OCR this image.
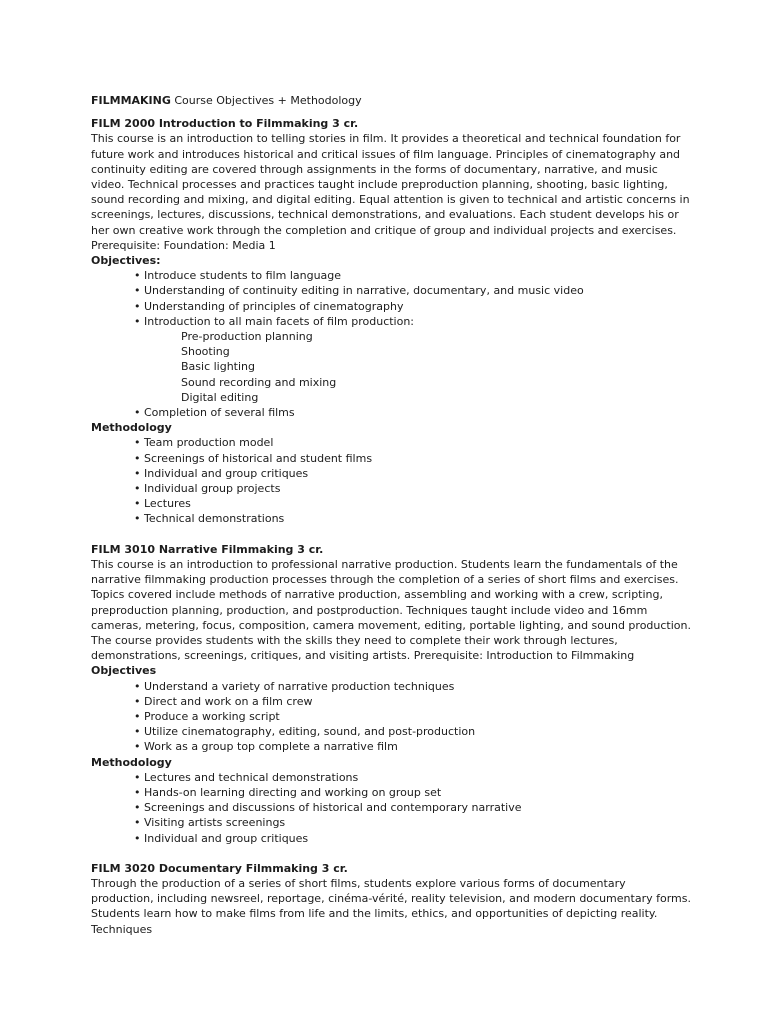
FILMMAKING Course Objectives + Methodology
FILM 2000 Introduction to Filmmaking 3 cr.

This course is an introduction to telling stories in film. It provides a theoretical and technical foundation for future work and introduces historical and critical issues of film language. Principles of cinematography and continuity editing are covered through assignments in the forms of documentary, narrative, and music video. Technical processes and practices taught include preproduction planning, shooting, basic lighting, sound recording and mixing, and digital editing. Equal attention is given to technical and artistic concerns in screenings, lectures, discussions, technical demonstrations, and evaluations. Each student develops his or her own creative work through the completion and critique of group and individual projects and exercises.

Prerequisite: Foundation: Media 1
Objectives:
• Introduce students to film language
• Understanding of continuity editing in narrative, documentary, and music video
• Understanding of principles of cinematography
• Introduction to all main facets of film production:
Pre-production planning
Shooting
Basic lighting
Sound recording and mixing
Digital editing
• Completion of several films
Methodology
• Team production model
• Screenings of historical and student films
• Individual and group critiques
• Individual group projects
• Lectures
• Technical demonstrations
FILM 3010 Narrative Filmmaking 3 cr.

This course is an introduction to professional narrative production. Students learn the fundamentals of the narrative filmmaking production processes through the completion of a series of short films and exercises. Topics covered include methods of narrative production, assembling and working with a crew, scripting, preproduction planning, production, and postproduction. Techniques taught include video and 16mm cameras, metering, focus, composition, camera movement, editing, portable lighting, and sound production. The course provides students with the skills they need to complete their work through lectures, demonstrations, screenings, critiques, and visiting artists. Prerequisite: Introduction to Filmmaking

Objectives
• Understand a variety of narrative production techniques
• Direct and work on a film crew
• Produce a working script
• Utilize cinematography, editing, sound, and post-production
• Work as a group top complete a narrative film
Methodology
• Lectures and technical demonstrations
• Hands-on learning directing and working on group set
• Screenings and discussions of historical and contemporary narrative
• Visiting artists screenings
• Individual and group critiques
FILM 3020 Documentary Filmmaking 3 cr.

Through the production of a series of short films, students explore various forms of documentary production, including newsreel, reportage, cinéma-vérité, reality television, and modern documentary forms. Students learn how to make films from life and the limits, ethics, and opportunities of depicting reality. Techniques
